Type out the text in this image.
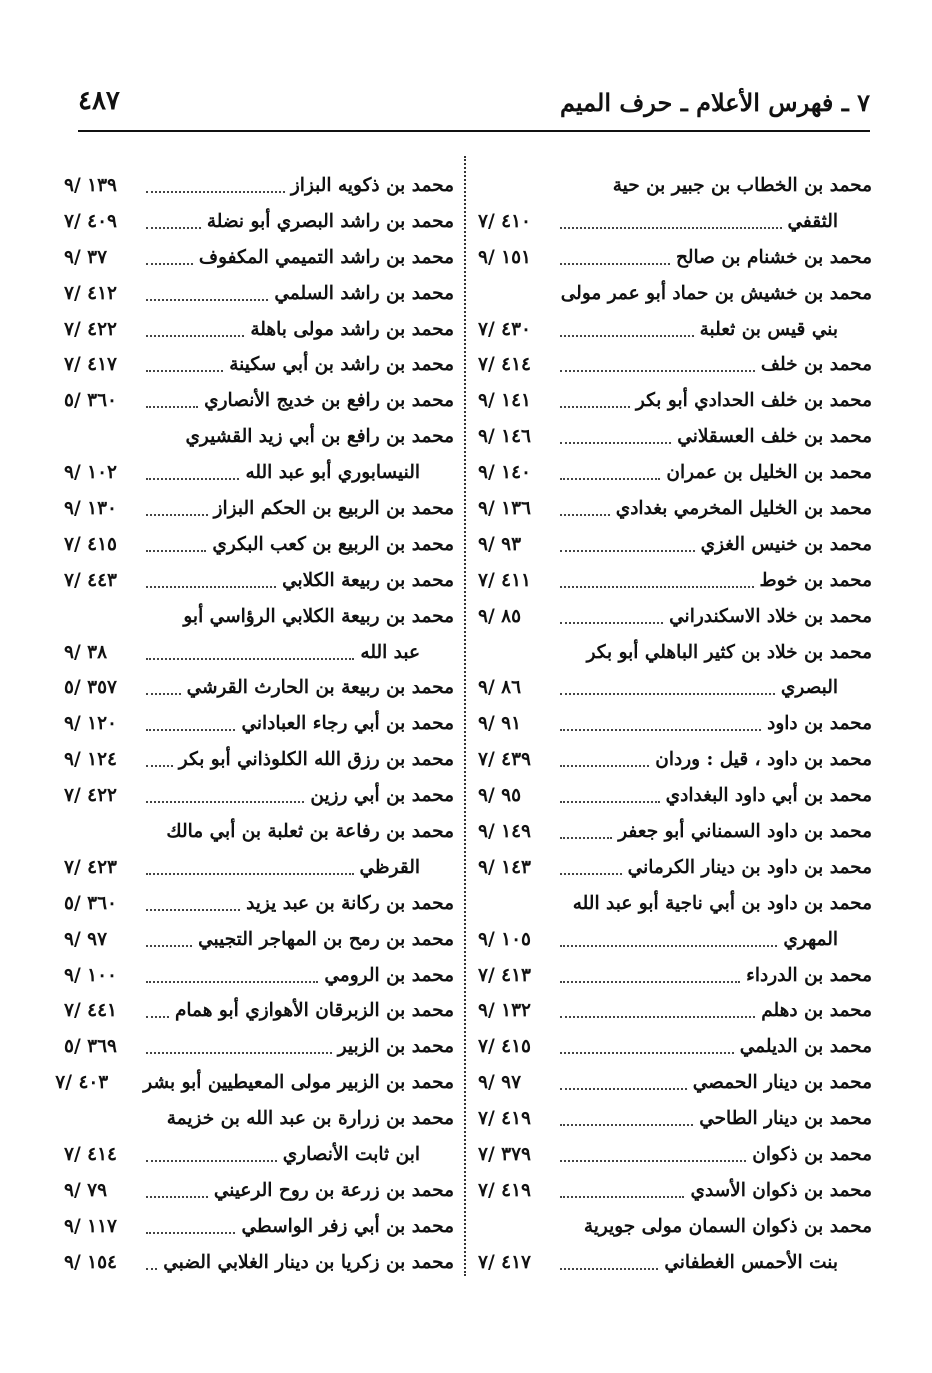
٧ ـ فهرس الأعلام ـ حرف الميم
٤٨٧
محمد بن الخطاب بن جبير بن حية
الثقفي
٤١٠ /٧
محمد بن خشنام بن صالح
١٥١ /٩
محمد بن خشيش بن حماد أبو عمر مولى
بني قيس بن ثعلبة
٤٣٠ /٧
محمد بن خلف
٤١٤ /٧
محمد بن خلف الحدادي أبو بكر
١٤١ /٩
محمد بن خلف العسقلاني
١٤٦ /٩
محمد بن الخليل بن عمران
١٤٠ /٩
محمد بن الخليل المخرمي بغدادي
١٣٦ /٩
محمد بن خنيس الغزي
٩٣ /٩
محمد بن خوط
٤١١ /٧
محمد بن خلاد الاسكندراني
٨٥ /٩
محمد بن خلاد بن كثير الباهلي أبو بكر
البصري
٨٦ /٩
محمد بن داود
٩١ /٩
محمد بن داود ، قيل : وردان
٤٣٩ /٧
محمد بن أبي داود البغدادي
٩٥ /٩
محمد بن داود السمناني أبو جعفر
١٤٩ /٩
محمد بن داود بن دينار الكرماني
١٤٣ /٩
محمد بن داود بن أبي ناجية أبو عبد الله
المهري
١٠٥ /٩
محمد بن الدرداء
٤١٣ /٧
محمد بن دهلم
١٣٢ /٩
محمد بن الديلمي
٤١٥ /٧
محمد بن دينار الحمصي
٩٧ /٩
محمد بن دينار الطاحي
٤١٩ /٧
محمد بن ذكوان
٣٧٩ /٧
محمد بن ذكوان الأسدي
٤١٩ /٧
محمد بن ذكوان السمان مولى جويرية
بنت الأحمس الغطفاني
٤١٧ /٧
محمد بن ذكويه البزاز
١٣٩ /٩
محمد بن راشد البصري أبو نضلة
٤٠٩ /٧
محمد بن راشد التميمي المكفوف
٣٧ /٩
محمد بن راشد السلمي
٤١٢ /٧
محمد بن راشد مولى باهلة
٤٢٢ /٧
محمد بن راشد بن أبي سكينة
٤١٧ /٧
محمد بن رافع بن خديج الأنصاري
٣٦٠ /٥
محمد بن رافع بن أبي زيد القشيري
النيسابوري أبو عبد الله
١٠٢ /٩
محمد بن الربيع بن الحكم البزاز
١٣٠ /٩
محمد بن الربيع بن كعب البكري
٤١٥ /٧
محمد بن ربيعة الكلابي
٤٤٣ /٧
محمد بن ربيعة الكلابي الرؤاسي أبو
عبد الله
٣٨ /٩
محمد بن ربيعة بن الحارث القرشي
٣٥٧ /٥
محمد بن أبي رجاء العباداني
١٢٠ /٩
محمد بن رزق الله الكلوذاني أبو بكر
١٢٤ /٩
محمد بن أبي رزين
٤٢٢ /٧
محمد بن رفاعة بن ثعلبة بن أبي مالك
القرظي
٤٢٣ /٧
محمد بن ركانة بن عبد يزيد
٣٦٠ /٥
محمد بن رمح بن المهاجر التجيبي
٩٧ /٩
محمد بن الرومي
١٠٠ /٩
محمد بن الزبرقان الأهوازي أبو همام
٤٤١ /٧
محمد بن الزبير
٣٦٩ /٥
محمد بن الزبير مولى المعيطيين أبو بشر
٤٠٣ /٧
محمد بن زرارة بن عبد الله بن خزيمة
ابن ثابت الأنصاري
٤١٤ /٧
محمد بن زرعة بن روح الرعيني
٧٩ /٩
محمد بن أبي زفر الواسطي
١١٧ /٩
محمد بن زكريا بن دينار الغلابي الضبي
١٥٤ /٩
